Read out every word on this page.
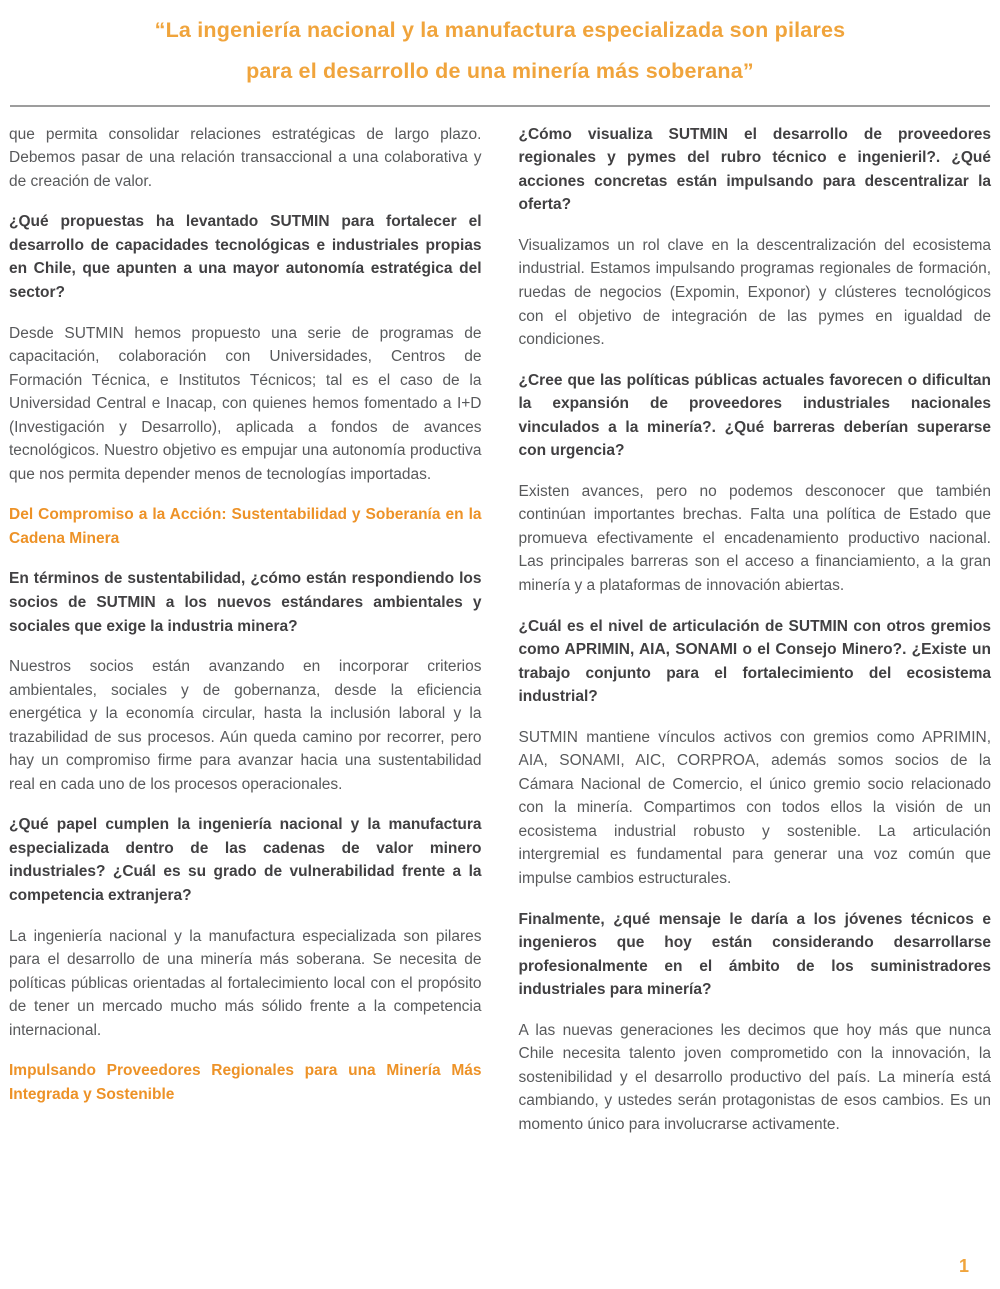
“La ingeniería nacional y la manufactura especializada son pilares
para el desarrollo de una minería más soberana”

que permita consolidar relaciones estratégicas de largo plazo. Debemos pasar de una relación transaccional a una colaborativa y de creación de valor.

¿Qué propuestas ha levantado SUTMIN para fortalecer el desarrollo de capacidades tecnológicas e industriales propias en Chile, que apunten a una mayor autonomía estratégica del sector?

Desde SUTMIN hemos propuesto una serie de programas de capacitación, colaboración con Universidades, Centros de Formación Técnica, e Institutos Técnicos; tal es el caso de la Universidad Central e Inacap, con quienes hemos fomentado a I+D (Investigación y Desarrollo), aplicada a fondos de avances tecnológicos. Nuestro objetivo es empujar una autonomía productiva que nos permita depender menos de tecnologías importadas.

Del Compromiso a la Acción: Sustentabilidad y Soberanía en la Cadena Minera
En términos de sustentabilidad, ¿cómo están respondiendo los socios de SUTMIN a los nuevos estándares ambientales y sociales que exige la industria minera?

Nuestros socios están avanzando en incorporar criterios ambientales, sociales y de gobernanza, desde la eficiencia energética y la economía circular, hasta la inclusión laboral y la trazabilidad de sus procesos. Aún queda camino por recorrer, pero hay un compromiso firme para avanzar hacia una sustentabilidad real en cada uno de los procesos operacionales.

¿Qué papel cumplen la ingeniería nacional y la manufactura especializada dentro de las cadenas de valor minero industriales? ¿Cuál es su grado de vulnerabilidad frente a la competencia extranjera?

La ingeniería nacional y la manufactura especializada son pilares para el desarrollo de una minería más soberana. Se necesita de políticas públicas orientadas al fortalecimiento local con el propósito de tener un mercado mucho más sólido frente a la competencia internacional.

Impulsando Proveedores Regionales para una Minería Más Integrada y Sostenible
¿Cómo visualiza SUTMIN el desarrollo de proveedores regionales y pymes del rubro técnico e ingenieril?. ¿Qué acciones concretas están impulsando para descentralizar la oferta?

Visualizamos un rol clave en la descentralización del ecosistema industrial. Estamos impulsando programas regionales de formación, ruedas de negocios (Expomin, Exponor) y clústeres tecnológicos con el objetivo de integración de las pymes en igualdad de condiciones.

¿Cree que las políticas públicas actuales favorecen o dificultan la expansión de proveedores industriales nacionales vinculados a la minería?. ¿Qué barreras deberían superarse con urgencia?

Existen avances, pero no podemos desconocer que también continúan importantes brechas. Falta una política de Estado que promueva efectivamente el encadenamiento productivo nacional. Las principales barreras son el acceso a financiamiento, a la gran minería y a plataformas de innovación abiertas.

¿Cuál es el nivel de articulación de SUTMIN con otros gremios como APRIMIN, AIA, SONAMI o el Consejo Minero?. ¿Existe un trabajo conjunto para el fortalecimiento del ecosistema industrial?

SUTMIN mantiene vínculos activos con gremios como APRIMIN, AIA, SONAMI, AIC, CORPROA, además somos socios de la Cámara Nacional de Comercio, el único gremio socio relacionado con la minería. Compartimos con todos ellos la visión de un ecosistema industrial robusto y sostenible. La articulación intergremial es fundamental para generar una voz común que impulse cambios estructurales.

Finalmente, ¿qué mensaje le daría a los jóvenes técnicos e ingenieros que hoy están considerando desarrollarse profesionalmente en el ámbito de los suministradores industriales para minería?

A las nuevas generaciones les decimos que hoy más que nunca Chile necesita talento joven comprometido con la innovación, la sostenibilidad y el desarrollo productivo del país. La minería está cambiando, y ustedes serán protagonistas de esos cambios. Es un momento único para involucrarse activamente.

1
